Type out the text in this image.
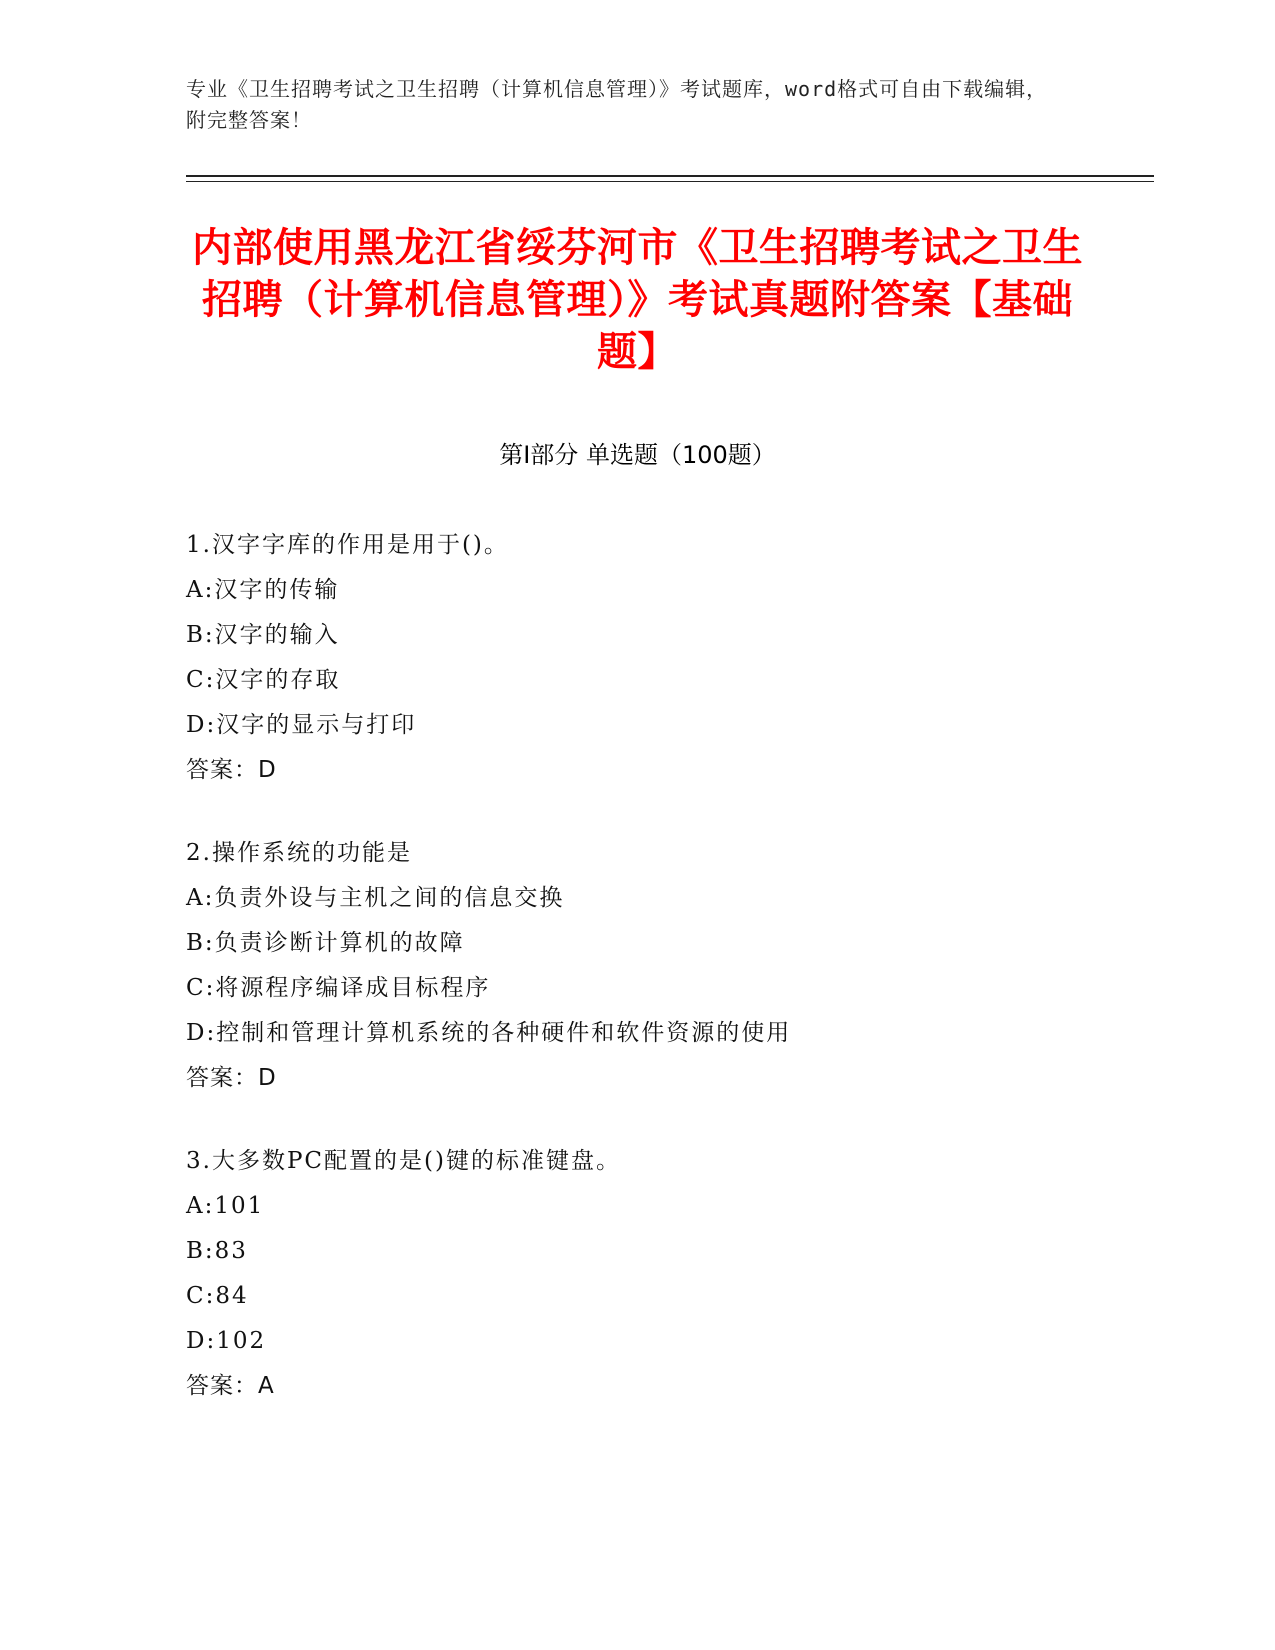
专业《卫生招聘考试之卫生招聘（计算机信息管理）》考试题库，word格式可自由下载编辑，附完整答案！

内部使用黑龙江省绥芬河市《卫生招聘考试之卫生招聘（计算机信息管理）》考试真题附答案【基础题】
第Ⅰ部分 单选题（100题）
1.汉字字库的作用是用于()。
A:汉字的传输
B:汉字的输入
C:汉字的存取
D:汉字的显示与打印
答案：D
2.操作系统的功能是
A:负责外设与主机之间的信息交换
B:负责诊断计算机的故障
C:将源程序编译成目标程序
D:控制和管理计算机系统的各种硬件和软件资源的使用
答案：D
3.大多数PC配置的是()键的标准键盘。
A:101
B:83
C:84
D:102
答案：A
